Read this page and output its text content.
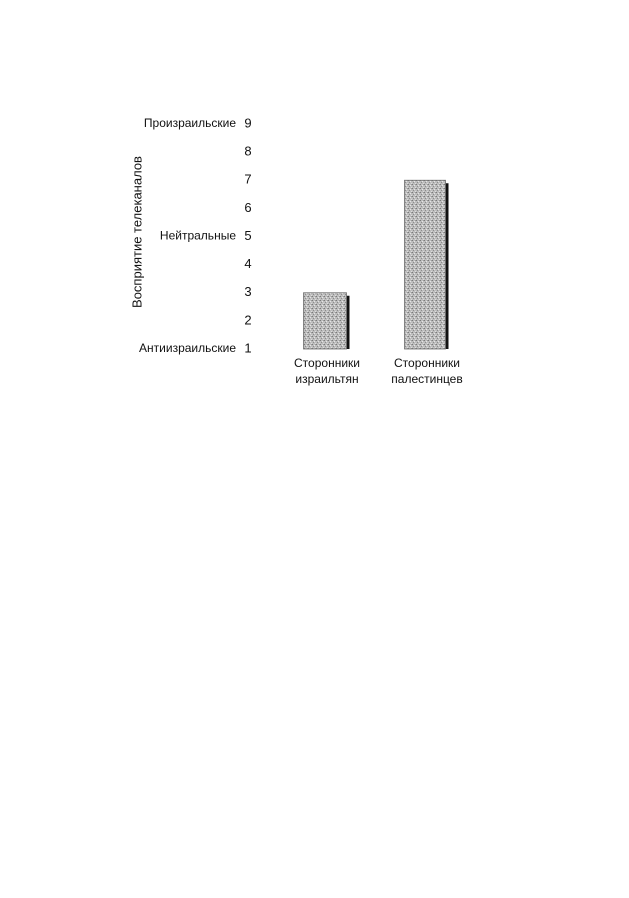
Восприятие телеканалов
1
2
3
4
5
6
7
8
9
Произраильские
Нейтральные
Антиизраильские
Сторонники
израильтян
Сторонники
палестинцев
